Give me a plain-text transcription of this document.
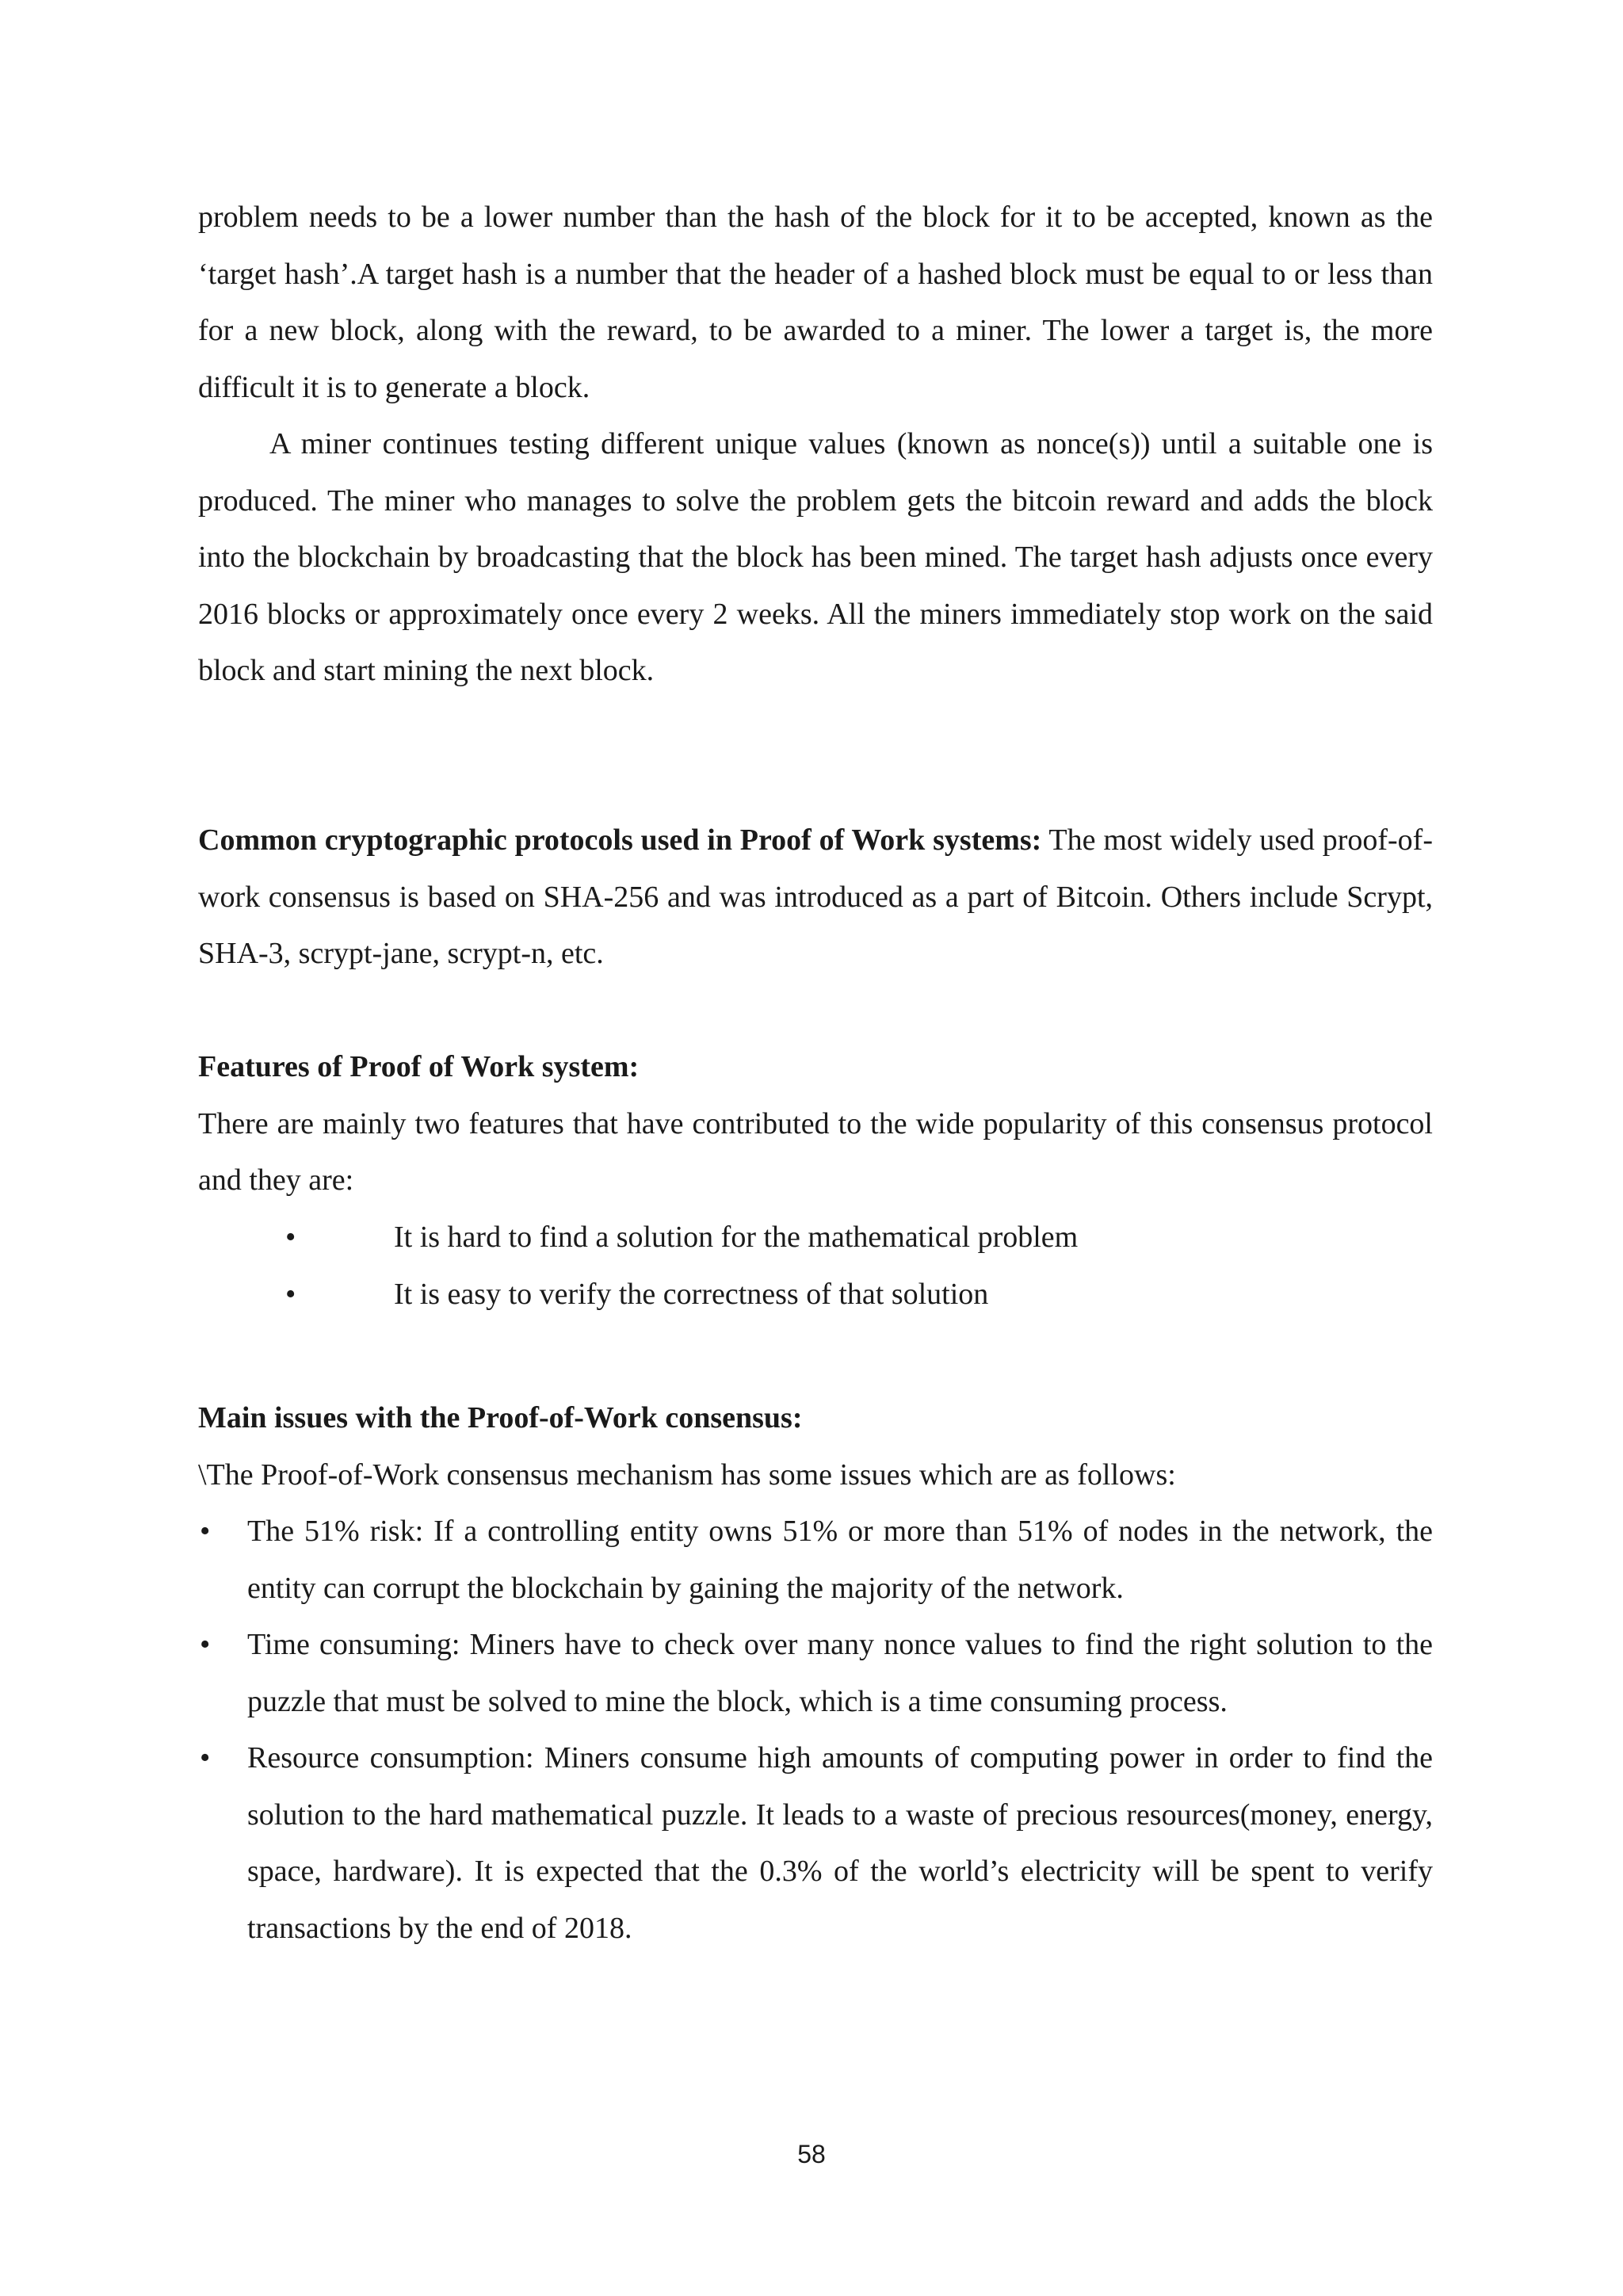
problem needs to be a lower number than the hash of the block for it to be accepted, known as the ‘target hash’.A target hash is a number that the header of a hashed block must be equal to or less than for a new block, along with the reward, to be awarded to a miner. The lower a target is, the more difficult it is to generate a block.

A miner continues testing different unique values (known as nonce(s)) until a suitable one is produced. The miner who manages to solve the problem gets the bitcoin reward and adds the block into the blockchain by broadcasting that the block has been mined. The target hash adjusts once every 2016 blocks or approximately once every 2 weeks. All the miners immediately stop work on the said block and start mining the next block.

Common cryptographic protocols used in Proof of Work systems: The most widely used proof-of-work consensus is based on SHA-256 and was introduced as a part of Bitcoin. Others include Scrypt, SHA-3, scrypt-jane, scrypt-n, etc.

Features of Proof of Work system:

There are mainly two features that have contributed to the wide popularity of this consensus protocol and they are:

•	It is hard to find a solution for the mathematical problem
•	It is easy to verify the correctness of that solution

Main issues with the Proof-of-Work consensus:

\The Proof-of-Work consensus mechanism has some issues which are as follows:

• The 51% risk: If a controlling entity owns 51% or more than 51% of nodes in the network, the entity can corrupt the blockchain by gaining the majority of the network.
• Time consuming: Miners have to check over many nonce values to find the right solution to the puzzle that must be solved to mine the block, which is a time consuming process.
• Resource consumption: Miners consume high amounts of computing power in order to find the solution to the hard mathematical puzzle. It leads to a waste of precious resources(money, energy, space, hardware). It is expected that the 0.3% of the world’s electricity will be spent to verify transactions by the end of 2018.
58
